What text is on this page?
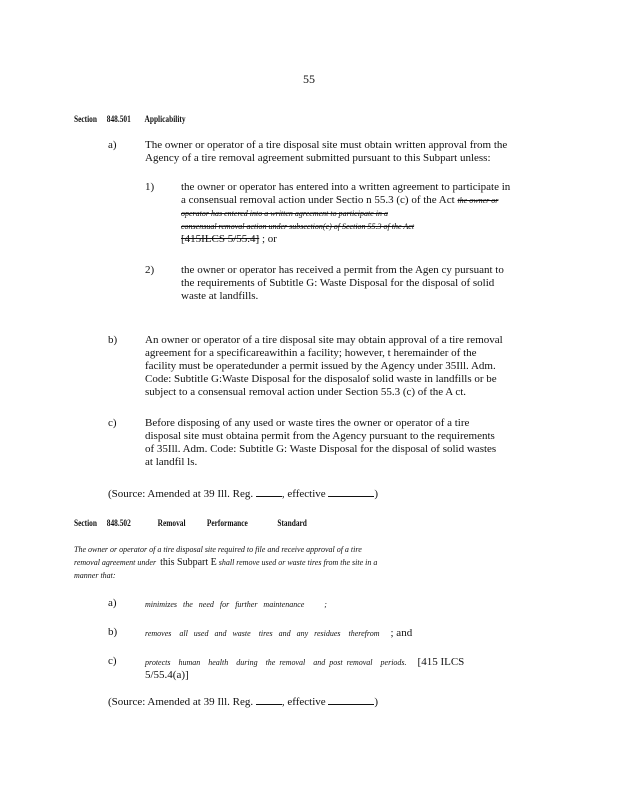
55
Section 848.501 Applicability
a)	The owner or operator of a tire disposal site must obtain written approval from the
Agency of a tire removal agreement submitted pursuant to this Subpart unless:
1) the owner or operator has entered into a written agreement to participate in
a consensual removal action under Sectio n 55.3 (c) of the Act the owner or
operator has entered into a written agreement to participate in a
consensual removal action under subsection(c) of Section 55.3 of the Act
[415ILCS 5/55.4] ; or
2) the owner or operator has received a permit from the Agen cy pursuant to
the requirements of Subtitle G: Waste Disposal for the disposal of solid
waste at landfills.
b)	An owner or operator of a tire disposal site may obtain approval of a tire removal
agreement for a specificareawithin a facility; however, t heremainder of the
facility must be operatedunder a permit issued by the Agency under 35Ill. Adm.
Code: Subtitle G:Waste Disposal for the disposalof solid waste in landfills or be
subject to a consensual removal action under Section 55.3 (c) of the A ct.
c)	Before disposing of any used or waste tires the owner or operator of a tire
disposal site must obtaina permit from the Agency pursuant to the requirements
of 35Ill. Adm. Code: Subtitle G: Waste Disposal for the disposal of solid wastes
at landfil ls.
(Source: Amended at 39 Ill. Reg.	, effective	)
Section 848.502	Removal Performance	Standard
The owner or operator of a tire disposal site required to file and receive approval of a tire
removal agreement under this Subpart E shall remove used or waste tires from the site in a
manner that:
a)	minimizes   the   need   for   further   maintenance          ;
b)	removes    all   used   and   waste    tires   and   any   residues    therefrom ; and
c)	protects    human    health    during    the  removal    and  post  removal    periods. [415 ILCS
5/55.4(a)]
(Source: Amended at 39 Ill. Reg.	, effective	)
